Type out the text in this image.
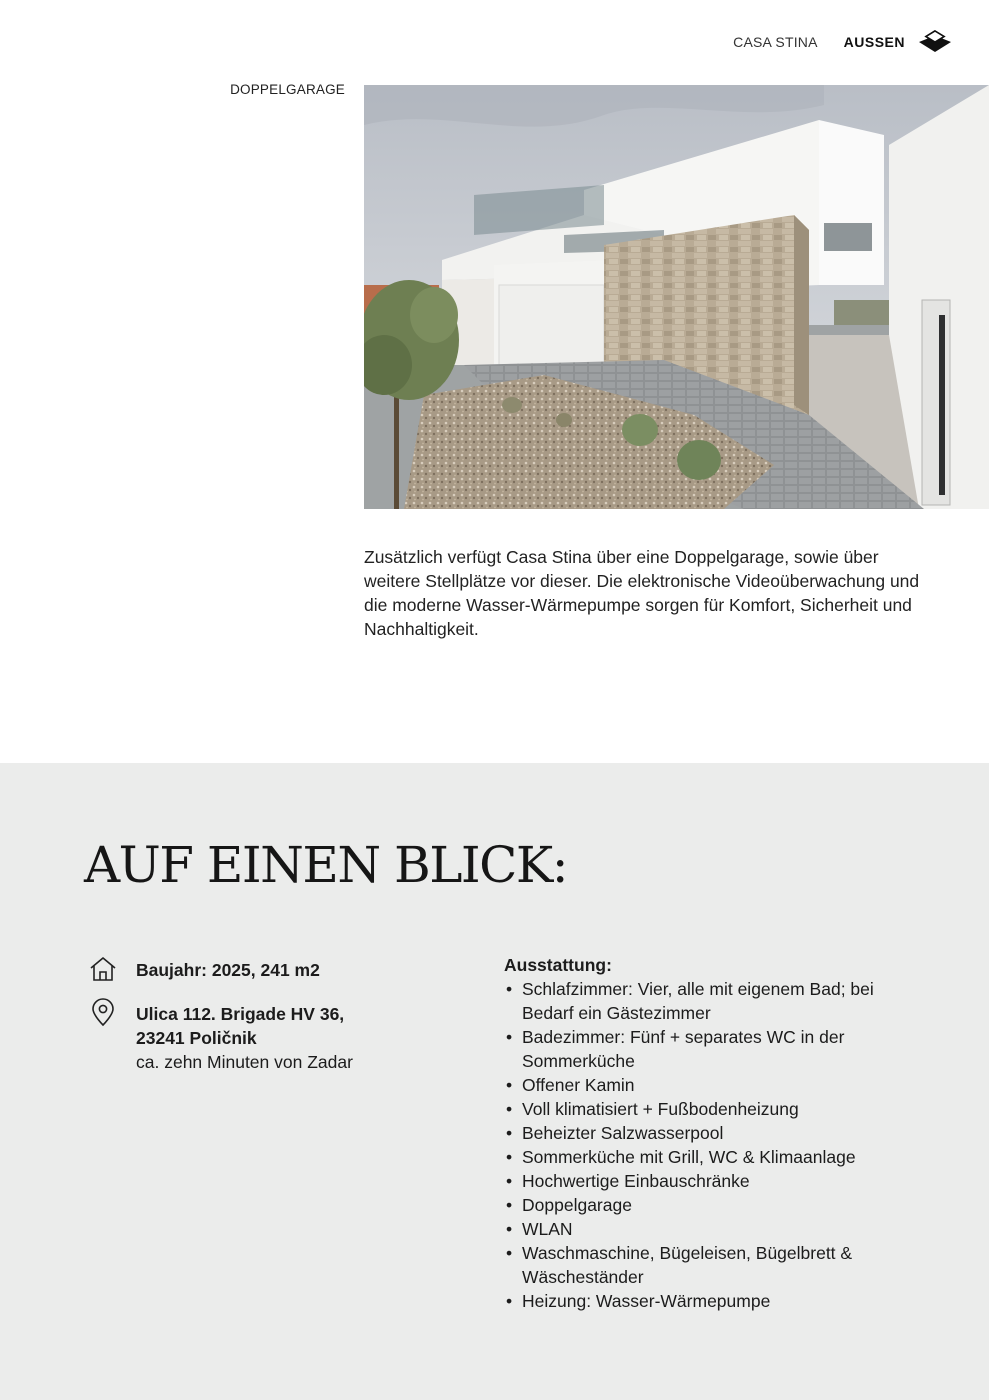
CASA STINA AUSSEN
DOPPELGARAGE

Zusätzlich verfügt Casa Stina über eine Doppelgarage, sowie über weitere Stellplätze vor dieser. Die elektronische Videoüberwachung und die moderne Wasser-Wärmepumpe sorgen für Komfort, Sicherheit und Nachhaltigkeit.

AUF EINEN BLICK:
Baujahr: 2025, 241 m2
Ulica 112. Brigade HV 36,
23241 Poličnik
ca. zehn Minuten von Zadar

Ausstattung:

• Schlafzimmer: Vier, alle mit eigenem Bad; bei Bedarf ein Gästezimmer
• Badezimmer: Fünf + separates WC in der Sommerküche
• Offener Kamin
• Voll klimatisiert + Fußbodenheizung
• Beheizter Salzwasserpool
• Sommerküche mit Grill, WC & Klimaanlage
• Hochwertige Einbauschränke
• Doppelgarage
• WLAN
• Waschmaschine, Bügeleisen, Bügelbrett & Wäscheständer
• Heizung: Wasser-Wärmepumpe
